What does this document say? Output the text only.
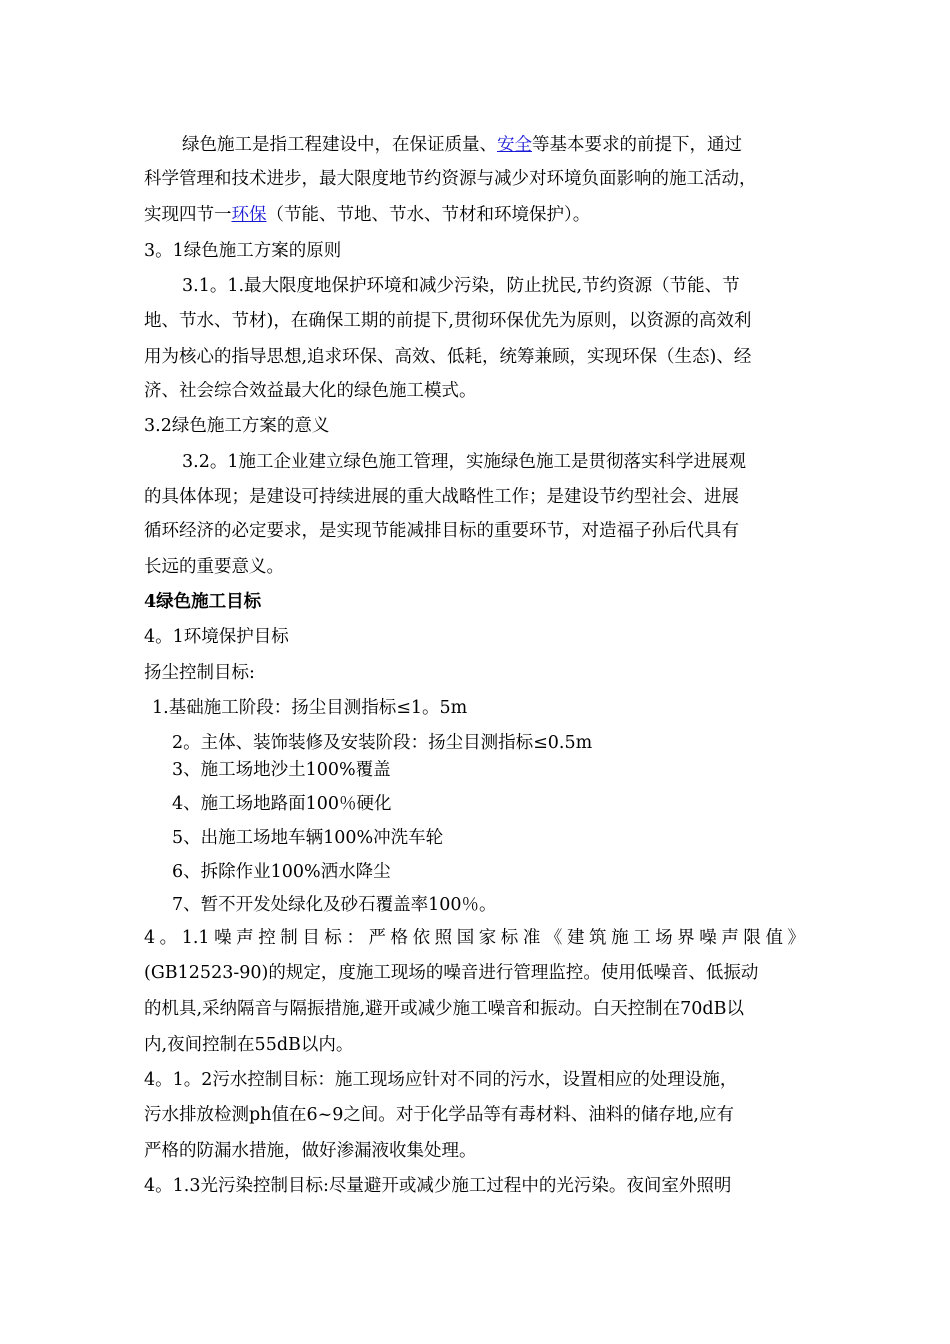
绿色施工是指工程建设中，在保证质量、安全等基本要求的前提下，通过
科学管理和技术进步，最大限度地节约资源与减少对环境负面影响的施工活动，
实现四节一环保（节能、节地、节水、节材和环境保护）。
3。1绿色施工方案的原则
3.1。1.最大限度地保护环境和减少污染，防止扰民,节约资源（节能、节
地、节水、节材)，在确保工期的前提下,贯彻环保优先为原则，以资源的高效利
用为核心的指导思想,追求环保、高效、低耗，统筹兼顾，实现环保（生态)、经
济、社会综合效益最大化的绿色施工模式。
3.2绿色施工方案的意义
3.2。1施工企业建立绿色施工管理，实施绿色施工是贯彻落实科学进展观
的具体体现；是建设可持续进展的重大战略性工作；是建设节约型社会、进展
循环经济的必定要求，是实现节能减排目标的重要环节，对造福子孙后代具有
长远的重要意义。
4绿色施工目标
4。1环境保护目标
扬尘控制目标:
1.基础施工阶段：扬尘目测指标≤1。5m
2。主体、装饰装修及安装阶段：扬尘目测指标≤0.5m
3、施工场地沙土100%覆盖
4、施工场地路面100％硬化
5、出施工场地车辆100%冲洗车轮
6、拆除作业100%洒水降尘
7、暂不开发处绿化及砂石覆盖率100％。
4。1.1噪声控制目标：严格依照国家标准《建筑施工场界噪声限值》
(GB12523-90)的规定，度施工现场的噪音进行管理监控。使用低噪音、低振动
的机具,采纳隔音与隔振措施,避开或减少施工噪音和振动。白天控制在70dB以
内,夜间控制在55dB以内。
4。1。2污水控制目标：施工现场应针对不同的污水，设置相应的处理设施，
污水排放检测ph值在6~9之间。对于化学品等有毒材料、油料的储存地,应有
严格的防漏水措施，做好渗漏液收集处理。
4。1.3光污染控制目标:尽量避开或减少施工过程中的光污染。夜间室外照明
